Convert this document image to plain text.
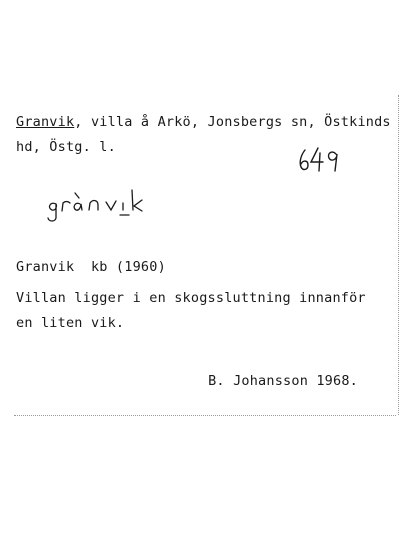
Granvik, villa å Arkö, Jonsbergs sn, Östkinds
hd, Östg. l.
Granvik  kb (1960)
Villan ligger i en skogssluttning innanför
en liten vik.
B. Johansson 1968.
